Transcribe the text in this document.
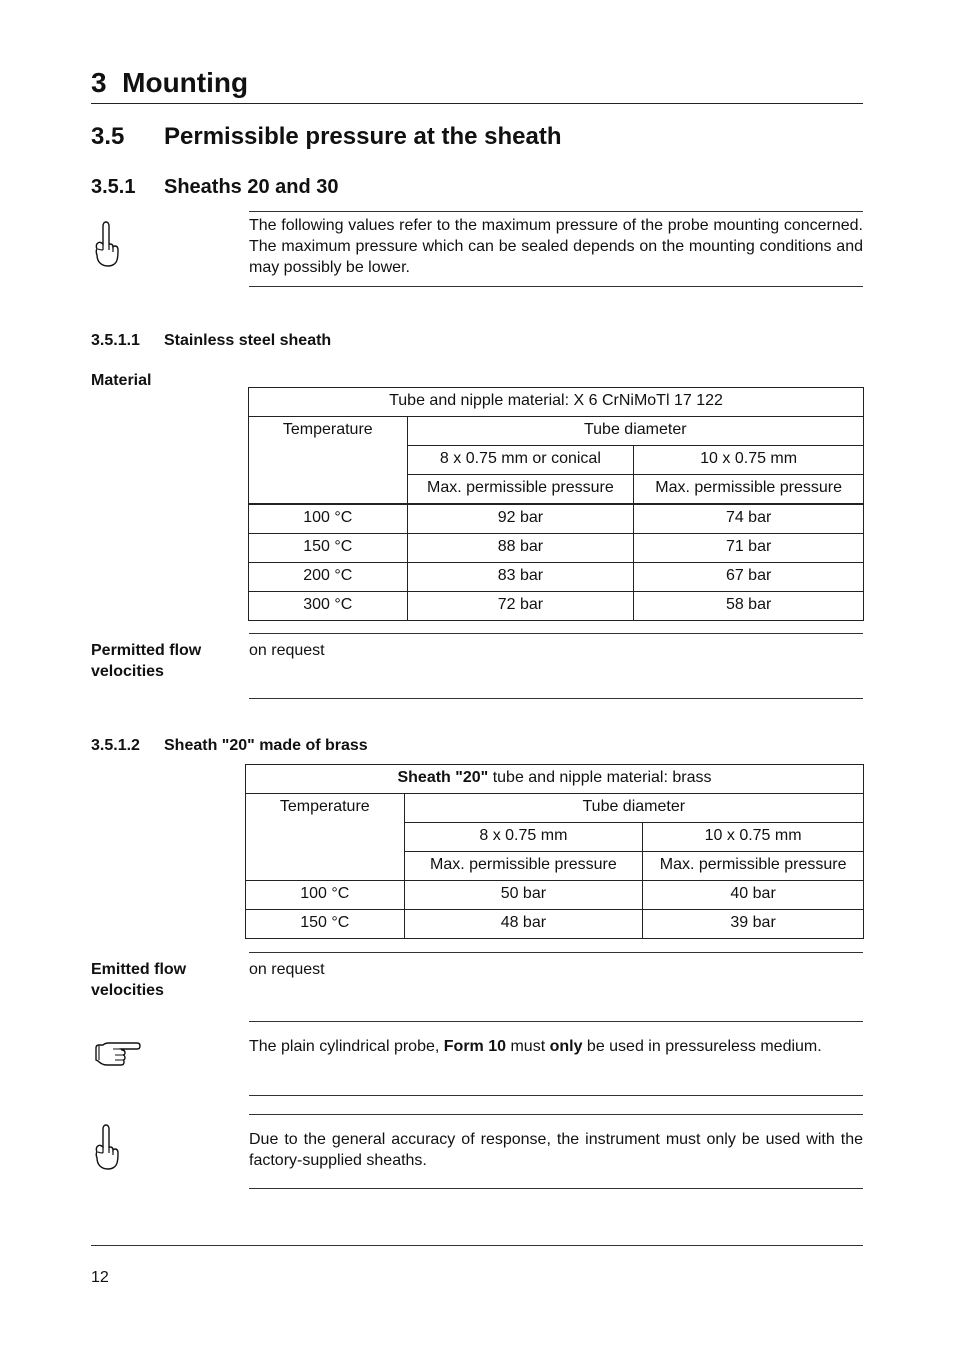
3 Mounting
3.5 Permissible pressure at the sheath
3.5.1 Sheaths 20 and 30
The following values refer to the maximum pressure of the probe mounting concerned. The maximum pressure which can be sealed depends on the mounting conditions and may possibly be lower.
3.5.1.1 Stainless steel sheath
Material
Tube and nipple material: X 6 CrNiMoTl 17 122		
Temperature	Tube diameter	
	8 x 0.75 mm or conical	10 x 0.75 mm
	Max. permissible pressure	Max. permissible pressure
100 °C	92 bar	74 bar
150 °C	88 bar	71 bar
200 °C	83 bar	67 bar
300 °C	72 bar	58 bar
Permitted flow velocities
on request
3.5.1.2 Sheath "20" made of brass
Sheath "20" tube and nipple material: brass		
Temperature	Tube diameter	
	8 x 0.75 mm	10 x 0.75 mm
	Max. permissible pressure	Max. permissible pressure
100 °C	50 bar	40 bar
150 °C	48 bar	39 bar
Emitted flow velocities
on request
The plain cylindrical probe, Form 10 must only be used in pressureless medium.
Due to the general accuracy of response, the instrument must only be used with the factory-supplied sheaths.
12
